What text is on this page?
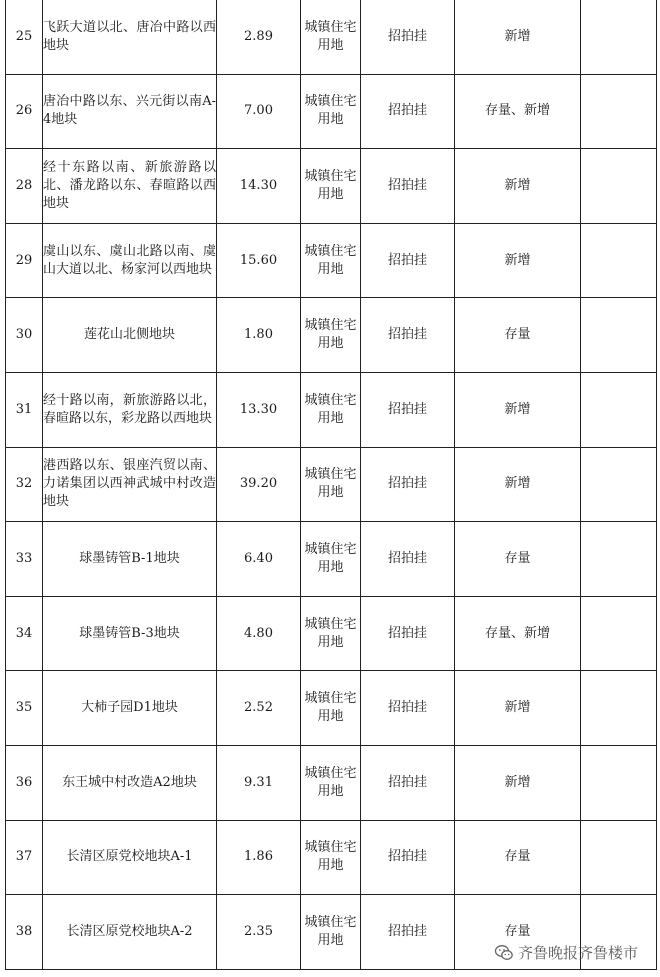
25	飞跃大道以北、唐冶中路以西地块	2.89	城镇住宅用地	招拍挂	新增	
26	唐冶中路以东、兴元街以南A-4地块	7.00	城镇住宅用地	招拍挂	存量、新增	
28	经十东路以南、新旅游路以北、潘龙路以东、春暄路以西地块	14.30	城镇住宅用地	招拍挂	新增	
29	虞山以东、虞山北路以南、虞山大道以北、杨家河以西地块	15.60	城镇住宅用地	招拍挂	新增	
30	莲花山北侧地块	1.80	城镇住宅用地	招拍挂	存量	
31	经十路以南，新旅游路以北，春暄路以东，彩龙路以西地块	13.30	城镇住宅用地	招拍挂	新增	
32	港西路以东、银座汽贸以南、力诺集团以西神武城中村改造地块	39.20	城镇住宅用地	招拍挂	新增	
33	球墨铸管B-1地块	6.40	城镇住宅用地	招拍挂	存量	
34	球墨铸管B-3地块	4.80	城镇住宅用地	招拍挂	存量、新增	
35	大柿子园D1地块	2.52	城镇住宅用地	招拍挂	新增	
36	东王城中村改造A2地块	9.31	城镇住宅用地	招拍挂	新增	
37	长清区原党校地块A-1	1.86	城镇住宅用地	招拍挂	存量	
38	长清区原党校地块A-2	2.35	城镇住宅用地	招拍挂	存量	
齐鲁晚报齐鲁楼市
